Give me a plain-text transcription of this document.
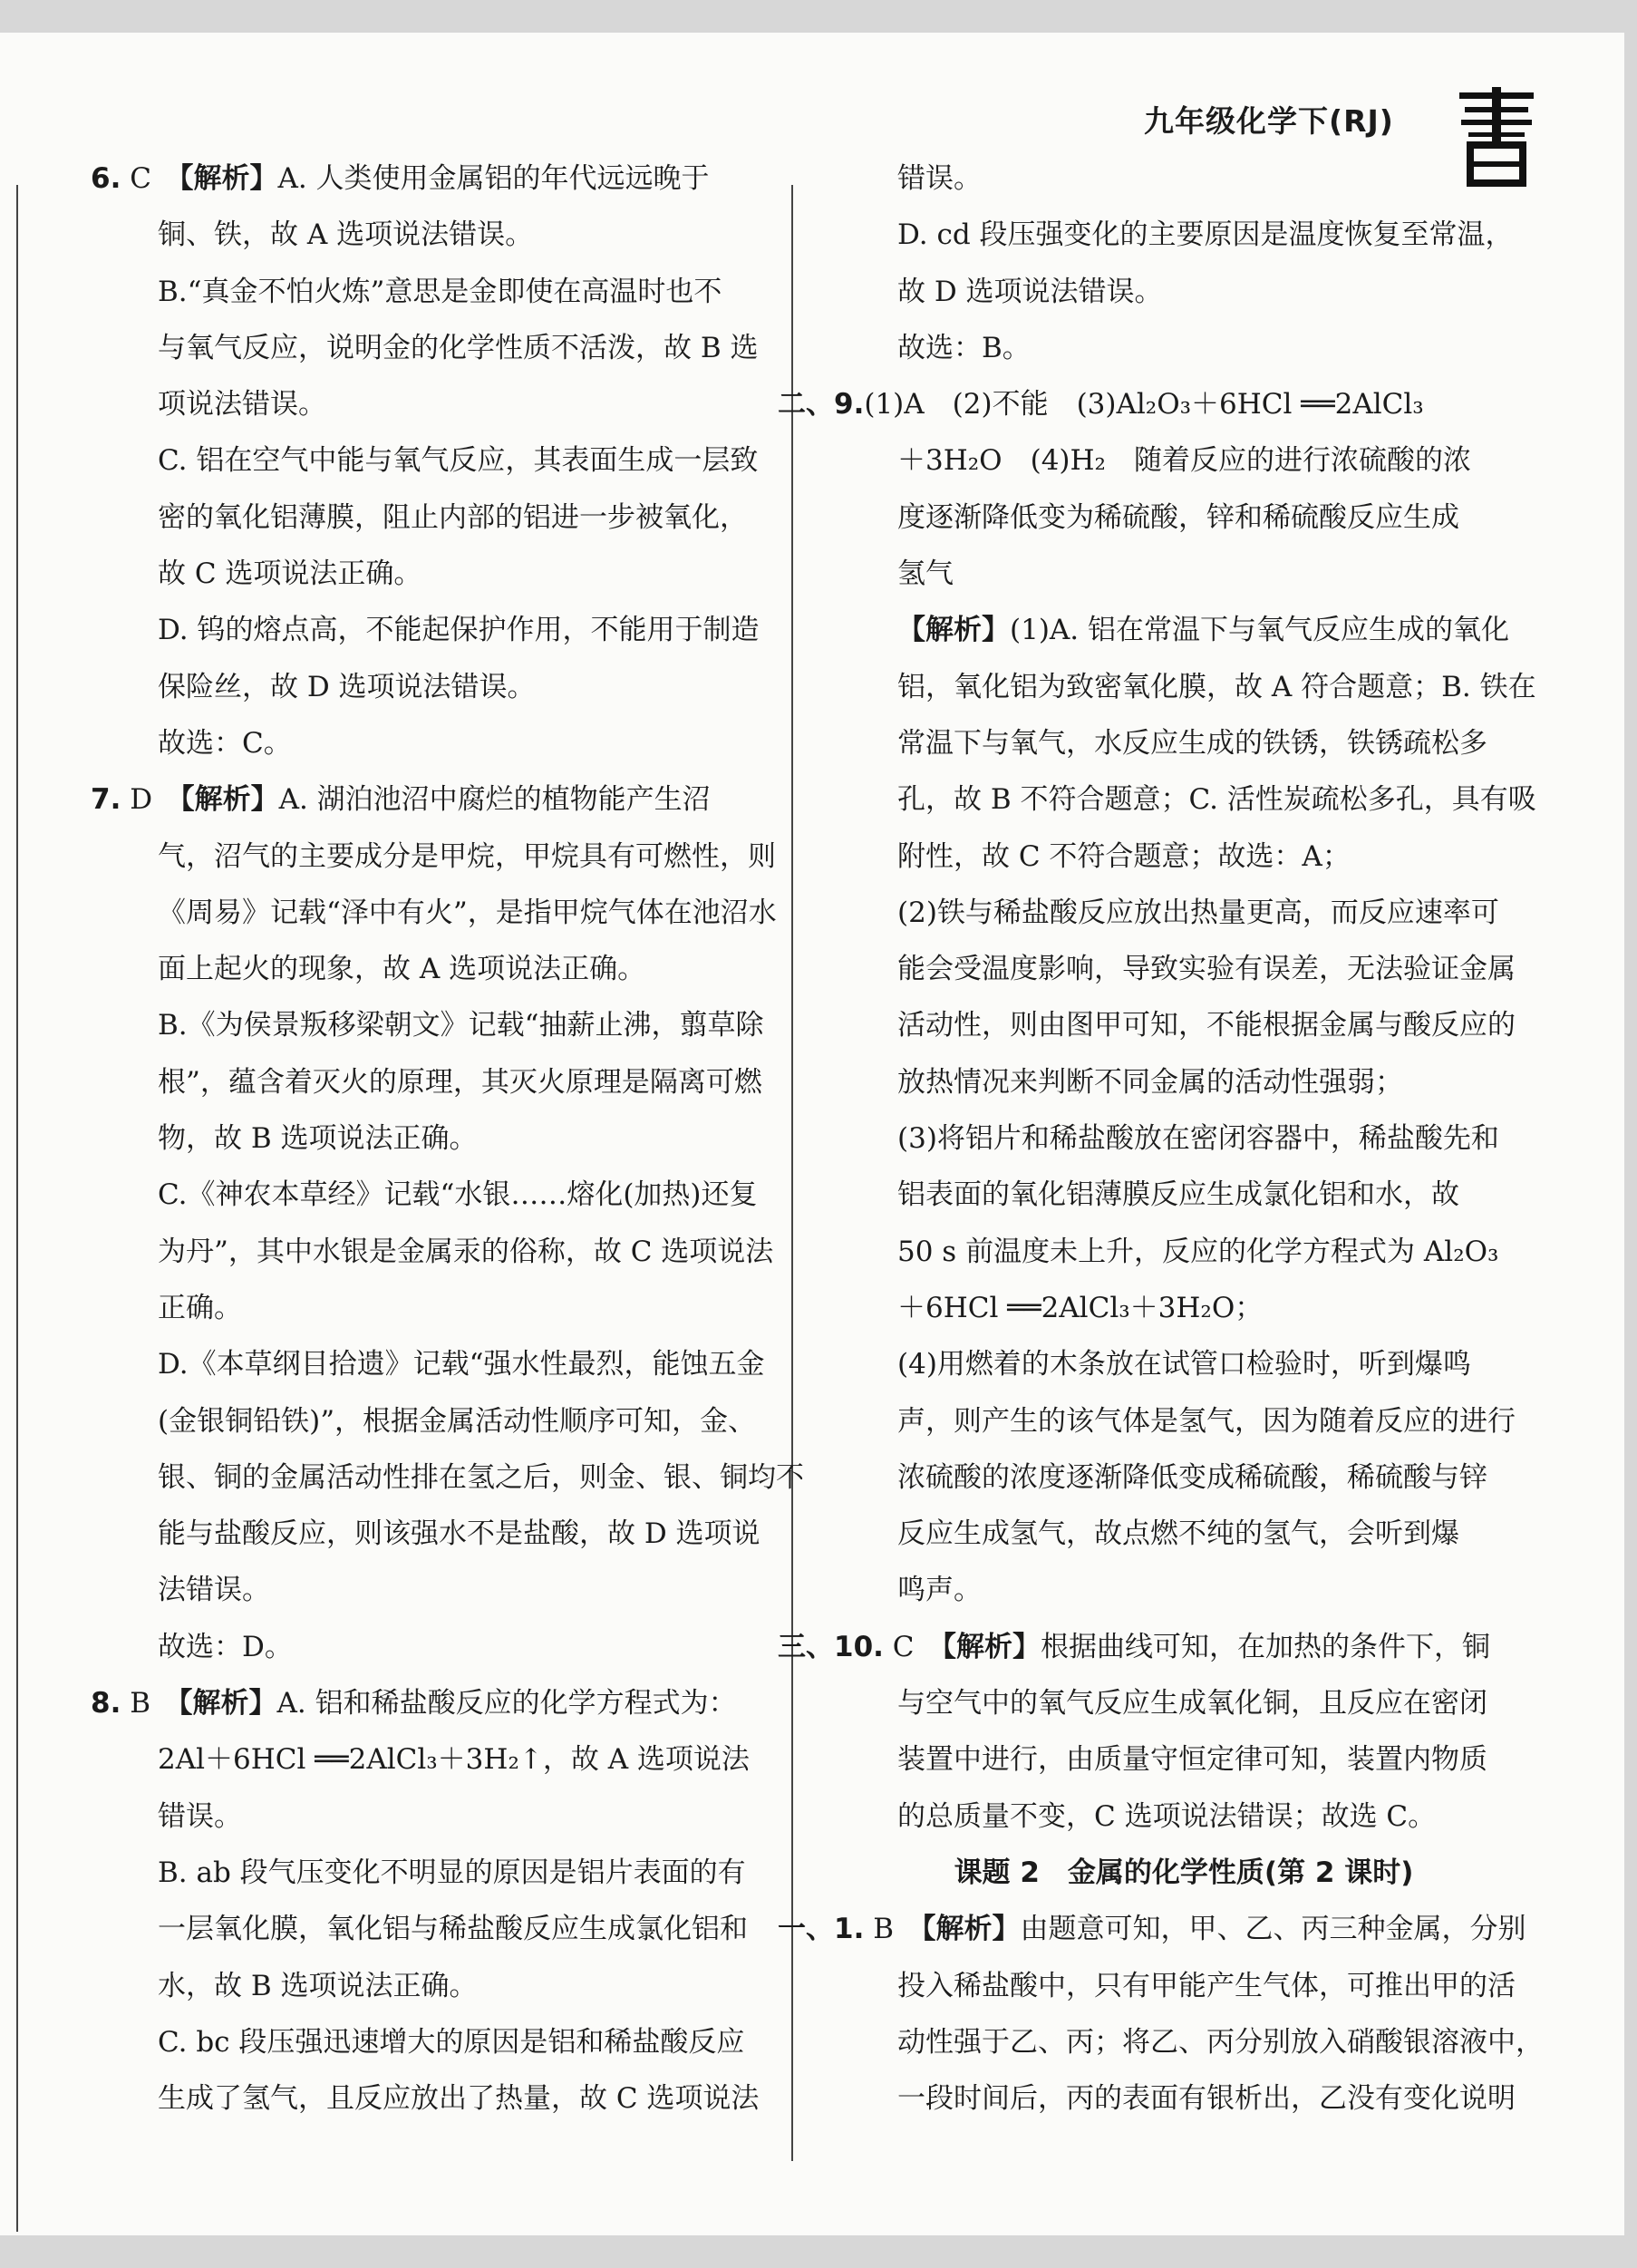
九年级化学下(RJ)

6. C　 【解析】A. 人类使用金属铝的年代远远晚于

铜、铁，故 A 选项说法错误。

B.“真金不怕火炼”意思是金即使在高温时也不

与氧气反应，说明金的化学性质不活泼，故 B 选

项说法错误。

C. 铝在空气中能与氧气反应，其表面生成一层致

密的氧化铝薄膜，阻止内部的铝进一步被氧化，

故 C 选项说法正确。

D. 钨的熔点高，不能起保护作用，不能用于制造

保险丝，故 D 选项说法错误。

故选：C。

7. D　 【解析】A. 湖泊池沼中腐烂的植物能产生沼

气，沼气的主要成分是甲烷，甲烷具有可燃性，则

《周易》记载“泽中有火”，是指甲烷气体在池沼水

面上起火的现象，故 A 选项说法正确。

B.《为侯景叛移梁朝文》记载“抽薪止沸，翦草除

根”，蕴含着灭火的原理，其灭火原理是隔离可燃

物，故 B 选项说法正确。

C.《神农本草经》记载“水银……熔化(加热)还复

为丹”，其中水银是金属汞的俗称，故 C 选项说法

正确。

D.《本草纲目拾遗》记载“强水性最烈，能蚀五金

(金银铜铅铁)”，根据金属活动性顺序可知，金、

银、铜的金属活动性排在氢之后，则金、银、铜均不

能与盐酸反应，则该强水不是盐酸，故 D 选项说

法错误。

故选：D。

8. B　 【解析】A. 铝和稀盐酸反应的化学方程式为：

2Al＋6HCl ══2AlCl₃＋3H₂↑，故 A 选项说法

错误。

B. ab 段气压变化不明显的原因是铝片表面的有

一层氧化膜，氧化铝与稀盐酸反应生成氯化铝和

水，故 B 选项说法正确。

C. bc 段压强迅速增大的原因是铝和稀盐酸反应

生成了氢气，且反应放出了热量，故 C 选项说法

错误。

D. cd 段压强变化的主要原因是温度恢复至常温，

故 D 选项说法错误。

故选：B。

二、9.(1)A　(2)不能　(3)Al₂O₃＋6HCl ══2AlCl₃

＋3H₂O　(4)H₂　随着反应的进行浓硫酸的浓

度逐渐降低变为稀硫酸，锌和稀硫酸反应生成

氢气

【解析】(1)A. 铝在常温下与氧气反应生成的氧化

铝，氧化铝为致密氧化膜，故 A 符合题意；B. 铁在

常温下与氧气，水反应生成的铁锈，铁锈疏松多

孔，故 B 不符合题意；C. 活性炭疏松多孔，具有吸

附性，故 C 不符合题意；故选：A；

(2)铁与稀盐酸反应放出热量更高，而反应速率可

能会受温度影响，导致实验有误差，无法验证金属

活动性，则由图甲可知，不能根据金属与酸反应的

放热情况来判断不同金属的活动性强弱；

(3)将铝片和稀盐酸放在密闭容器中，稀盐酸先和

铝表面的氧化铝薄膜反应生成氯化铝和水，故

50 s 前温度未上升，反应的化学方程式为 Al₂O₃

＋6HCl ══2AlCl₃＋3H₂O；

(4)用燃着的木条放在试管口检验时，听到爆鸣

声，则产生的该气体是氢气，因为随着反应的进行

浓硫酸的浓度逐渐降低变成稀硫酸，稀硫酸与锌

反应生成氢气，故点燃不纯的氢气，会听到爆

鸣声。

三、10. C　 【解析】根据曲线可知，在加热的条件下，铜

与空气中的氧气反应生成氧化铜，且反应在密闭

装置中进行，由质量守恒定律可知，装置内物质

的总质量不变，C 选项说法错误；故选 C。

课题 2　金属的化学性质(第 2 课时)

一、1. B　 【解析】由题意可知，甲、乙、丙三种金属，分别

投入稀盐酸中，只有甲能产生气体，可推出甲的活

动性强于乙、丙；将乙、丙分别放入硝酸银溶液中，

一段时间后，丙的表面有银析出，乙没有变化说明
